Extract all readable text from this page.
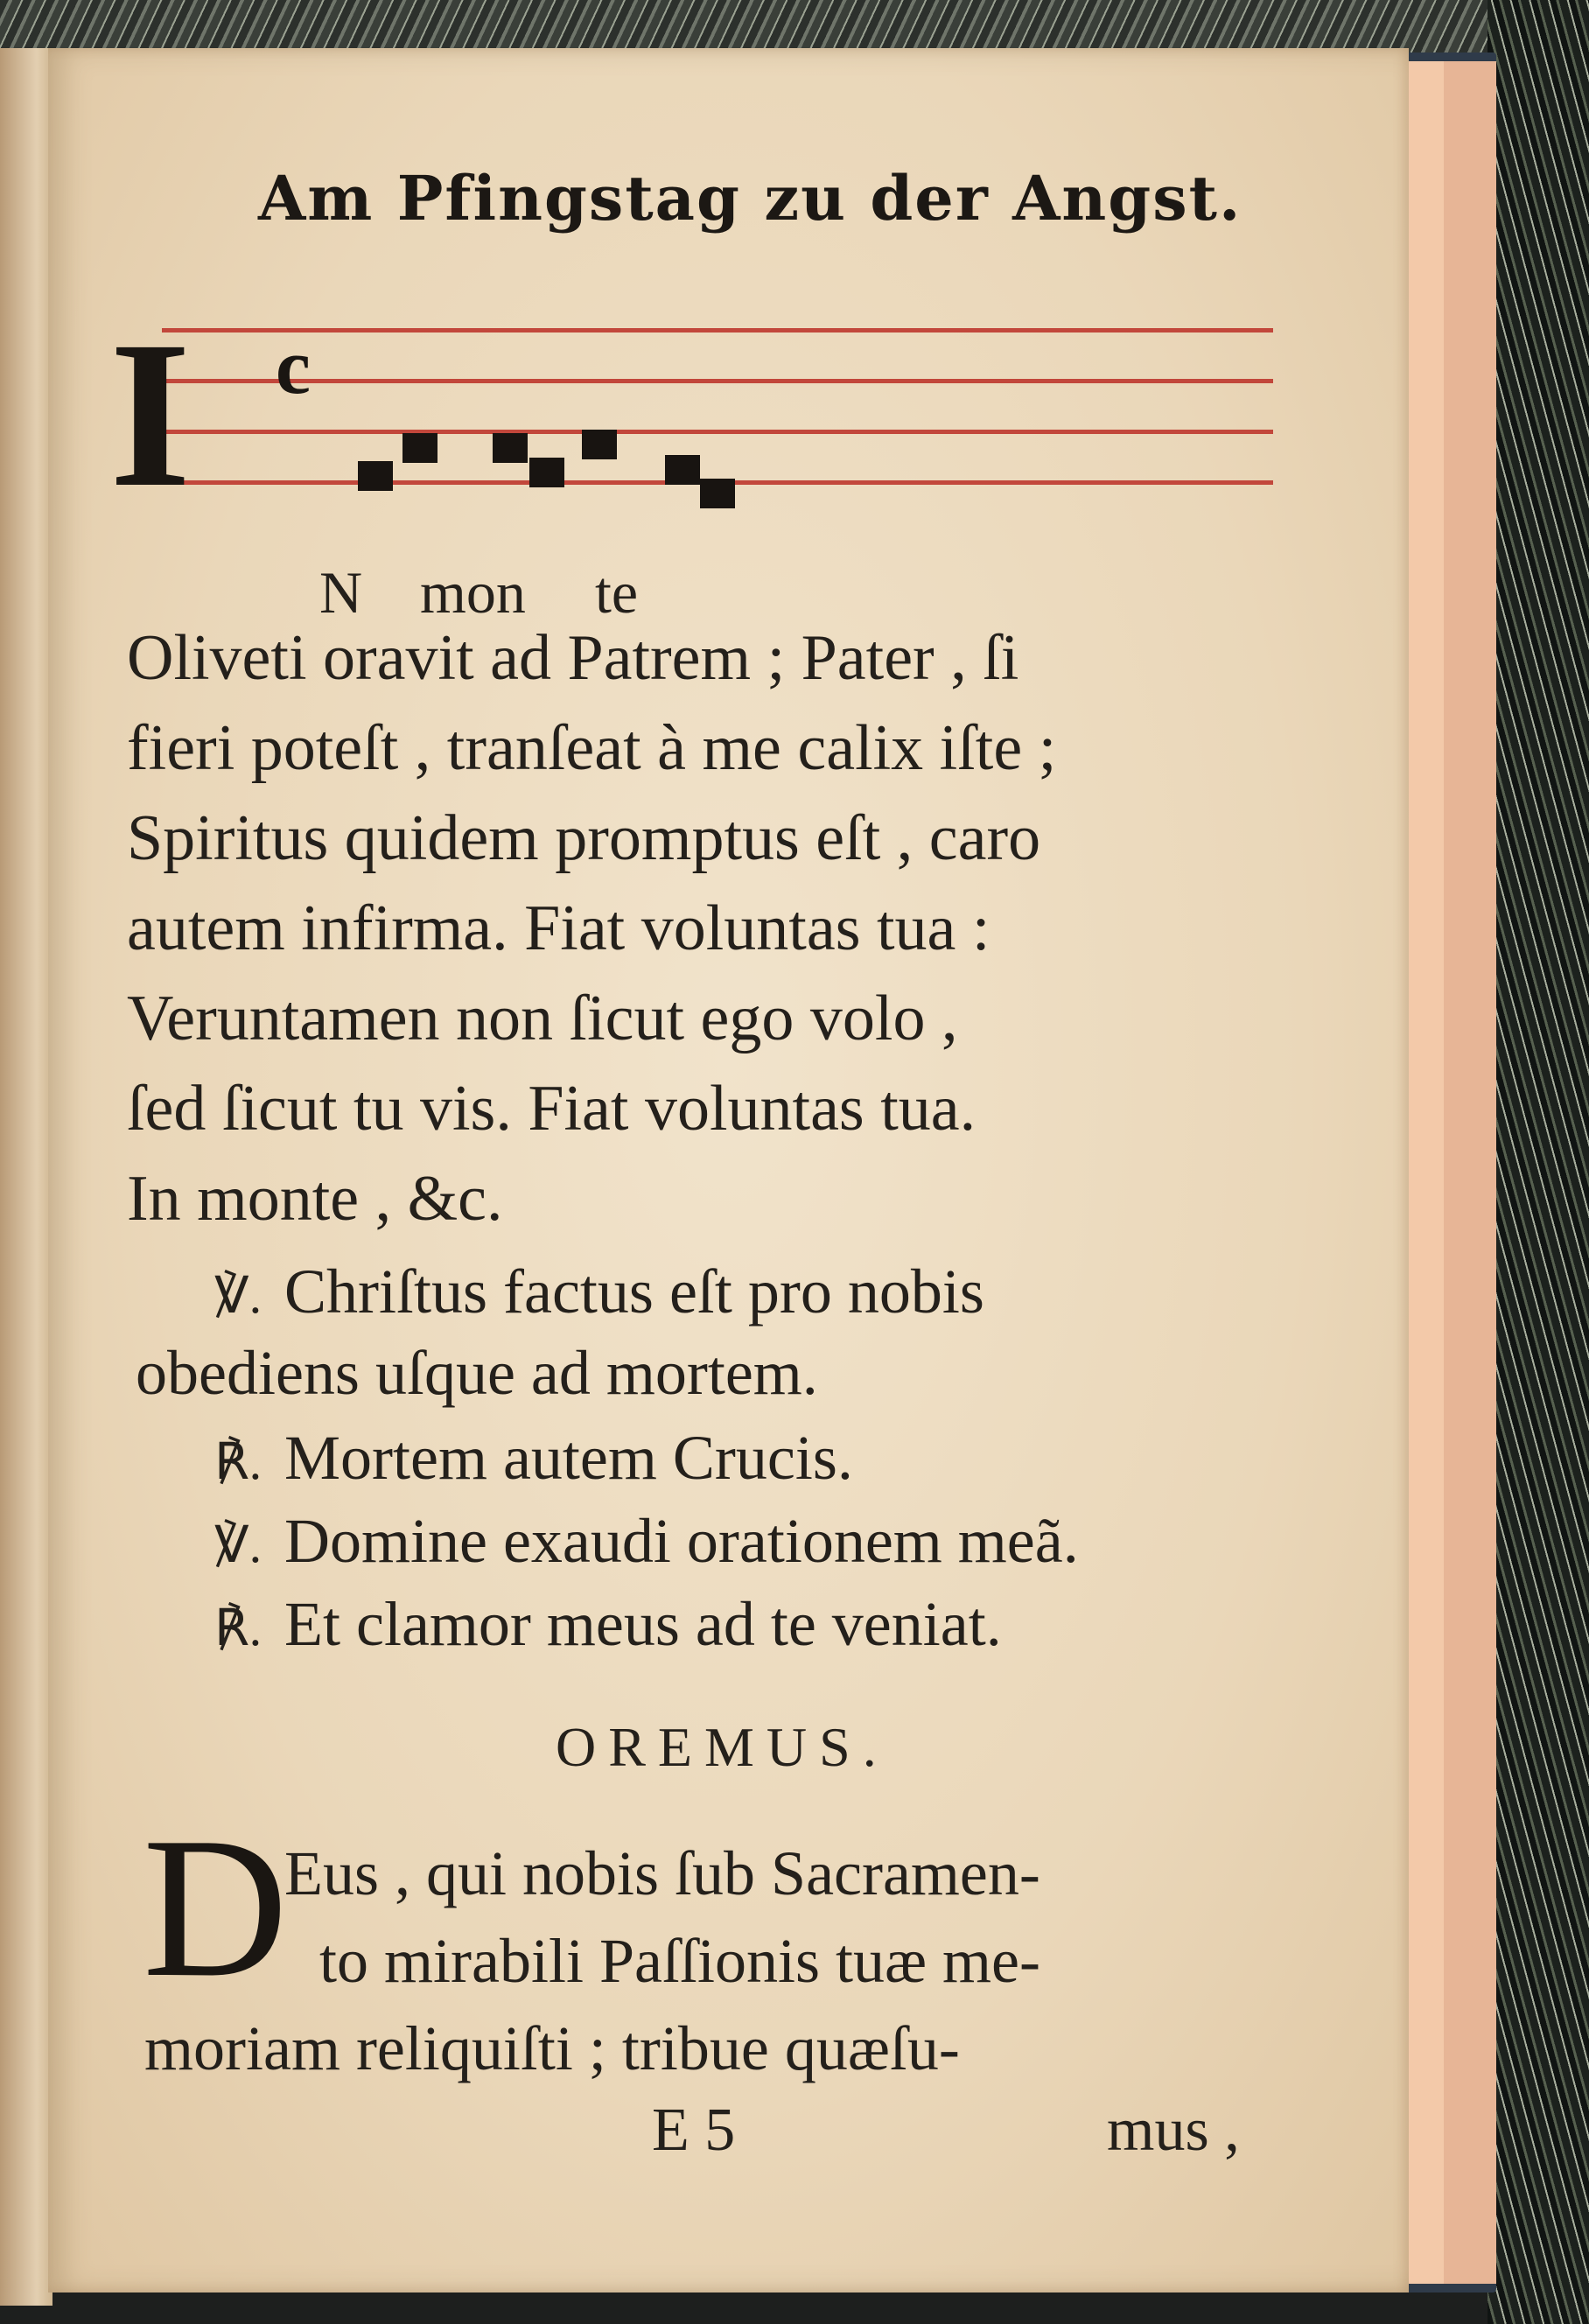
Am Pfingstag zu der Angst.
I c
N mon te
Oliveti oravit ad Patrem ; Pater , ſi
fieri poteſt , tranſeat à me calix iſte ;
Spiritus quidem promptus eſt , caro
autem infirma. Fiat voluntas tua :
Veruntamen non ſicut ego volo ,
ſed ſicut tu vis. Fiat voluntas tua.
In monte , &c.
℣. Chriſtus factus eſt pro nobis
obediens uſque ad mortem.
℟. Mortem autem Crucis.
℣. Domine exaudi orationem meã.
℟. Et clamor meus ad te veniat.
OREMUS.
D
Eus , qui nobis ſub Sacramen-
to mirabili Paſſionis tuæ me-
moriam reliquiſti ; tribue quæſu-
E 5	mus ,
